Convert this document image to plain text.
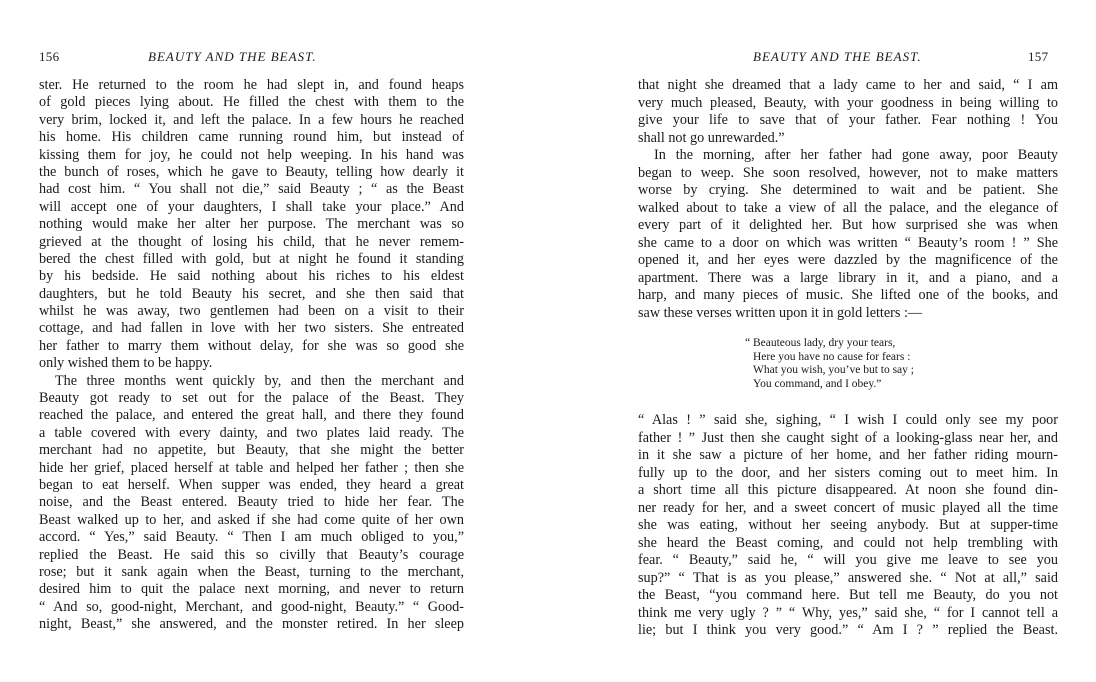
156	BEAUTY AND THE BEAST.
ster. He returned to the room he had slept in, and found heaps
of gold pieces lying about. He filled the chest with them to the
very brim, locked it, and left the palace. In a few hours he reached
his home. His children came running round him, but instead of
kissing them for joy, he could not help weeping. In his hand was
the bunch of roses, which he gave to Beauty, telling how dearly it
had cost him. “ You shall not die,” said Beauty ; “ as the Beast
will accept one of your daughters, I shall take your place.” And
nothing would make her alter her purpose. The merchant was so
grieved at the thought of losing his child, that he never remem-
bered the chest filled with gold, but at night he found it standing
by his bedside. He said nothing about his riches to his eldest
daughters, but he told Beauty his secret, and she then said that
whilst he was away, two gentlemen had been on a visit to their
cottage, and had fallen in love with her two sisters. She entreated
her father to marry them without delay, for she was so good she
only wished them to be happy.
The three months went quickly by, and then the merchant and
Beauty got ready to set out for the palace of the Beast. They
reached the palace, and entered the great hall, and there they found
a table covered with every dainty, and two plates laid ready. The
merchant had no appetite, but Beauty, that she might the better
hide her grief, placed herself at table and helped her father ; then she
began to eat herself. When supper was ended, they heard a great
noise, and the Beast entered. Beauty tried to hide her fear. The
Beast walked up to her, and asked if she had come quite of her own
accord. “ Yes,” said Beauty. “ Then I am much obliged to you,”
replied the Beast. He said this so civilly that Beauty’s courage
rose; but it sank again when the Beast, turning to the merchant,
desired him to quit the palace next morning, and never to return
“ And so, good-night, Merchant, and good-night, Beauty.” “ Good-
night, Beast,” she answered, and the monster retired. In her sleep
BEAUTY AND THE BEAST.	157
that night she dreamed that a lady came to her and said, “ I am
very much pleased, Beauty, with your goodness in being willing to
give your life to save that of your father. Fear nothing ! You
shall not go unrewarded.”
In the morning, after her father had gone away, poor Beauty
began to weep. She soon resolved, however, not to make matters
worse by crying. She determined to wait and be patient. She
walked about to take a view of all the palace, and the elegance of
every part of it delighted her. But how surprised she was when
she came to a door on which was written “ Beauty’s room ! ” She
opened it, and her eyes were dazzled by the magnificence of the
apartment. There was a large library in it, and a piano, and a
harp, and many pieces of music. She lifted one of the books, and
saw these verses written upon it in gold letters :—
“ Beauteous lady, dry your tears,
Here you have no cause for fears :
What you wish, you’ve but to say ;
You command, and I obey.”
“ Alas ! ” said she, sighing, “ I wish I could only see my poor
father ! ” Just then she caught sight of a looking-glass near her, and
in it she saw a picture of her home, and her father riding mourn-
fully up to the door, and her sisters coming out to meet him. In
a short time all this picture disappeared. At noon she found din-
ner ready for her, and a sweet concert of music played all the time
she was eating, without her seeing anybody. But at supper-time
she heard the Beast coming, and could not help trembling with
fear. “ Beauty,” said he, “ will you give me leave to see you
sup?” “ That is as you please,” answered she. “ Not at all,” said
the Beast, “you command here. But tell me Beauty, do you not
think me very ugly ? ” “ Why, yes,” said she, “ for I cannot tell a
lie; but I think you very good.” “ Am I ? ” replied the Beast.
